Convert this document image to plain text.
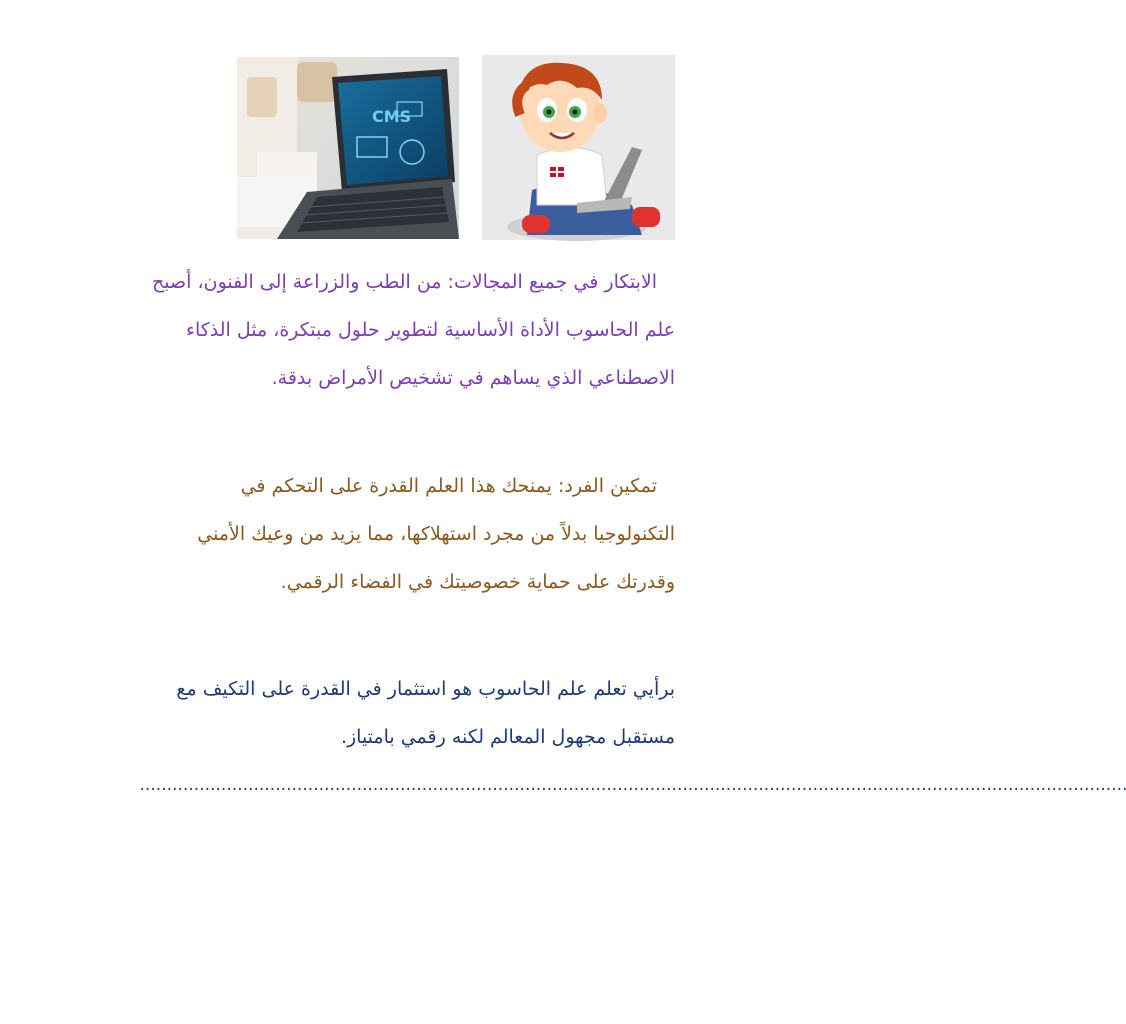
CMS
الابتكار في جميع المجالات: من الطب والزراعة إلى الفنون، أصبح
علم الحاسوب الأداة الأساسية لتطوير حلول مبتكرة، مثل الذكاء
الاصطناعي الذي يساهم في تشخيص الأمراض بدقة.
تمكين الفرد: يمنحك هذا العلم القدرة على التحكم في
التكنولوجيا بدلاً من مجرد استهلاكها، مما يزيد من وعيك الأمني
وقدرتك على حماية خصوصيتك في الفضاء الرقمي.
برأيي تعلم علم الحاسوب هو استثمار في القدرة على التكيف مع
مستقبل مجهول المعالم لكنه رقمي بامتياز.
......................................................................................................................................................................................
